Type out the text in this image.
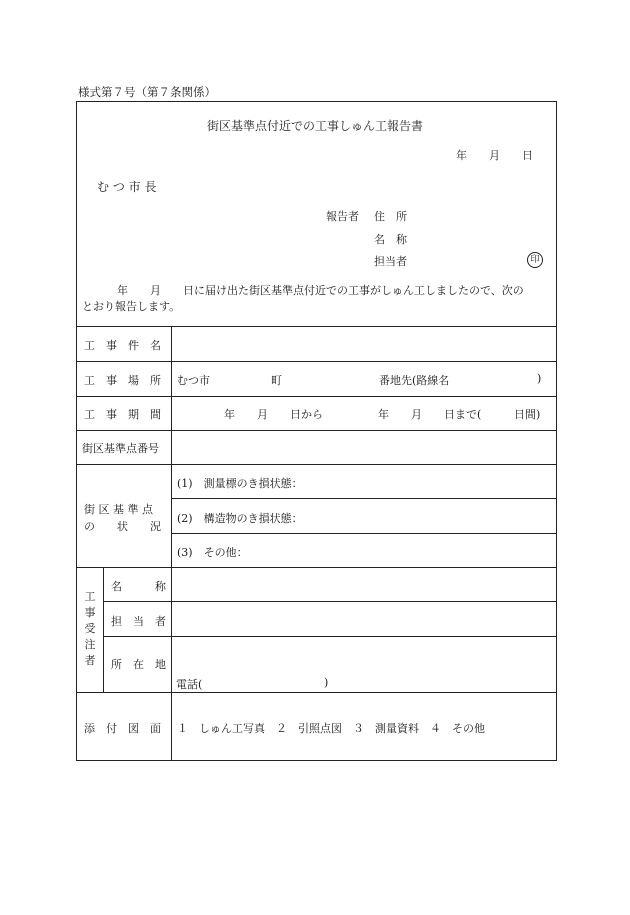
様式第７号（第７条関係）
街区基準点付近での工事しゅん工報告書
年　　月　　日
む つ 市 長
報告者 住　所
名　称
担当者	印
年　　月　　日に届け出た街区基準点付近での工事がしゅん工しましたので、次の
とおり報告します。
工　事　件　名
工　事　場　所 むつ市	町	番地先(路線名	)
工　事　期　間	年　　月　　日から	年　　月　　日まで(	日間)
街区基準点番号
街 区 基 準 点
の　　状　　況
(1)　測量標のき損状態：
(2)　構造物のき損状態：
(3)　その他：
工事受注者
名　　　称
担　当　者
所　在　地
電話(	)
添　付　図　面 １　しゅん工写真　２　引照点図　３　測量資料　４　その他
